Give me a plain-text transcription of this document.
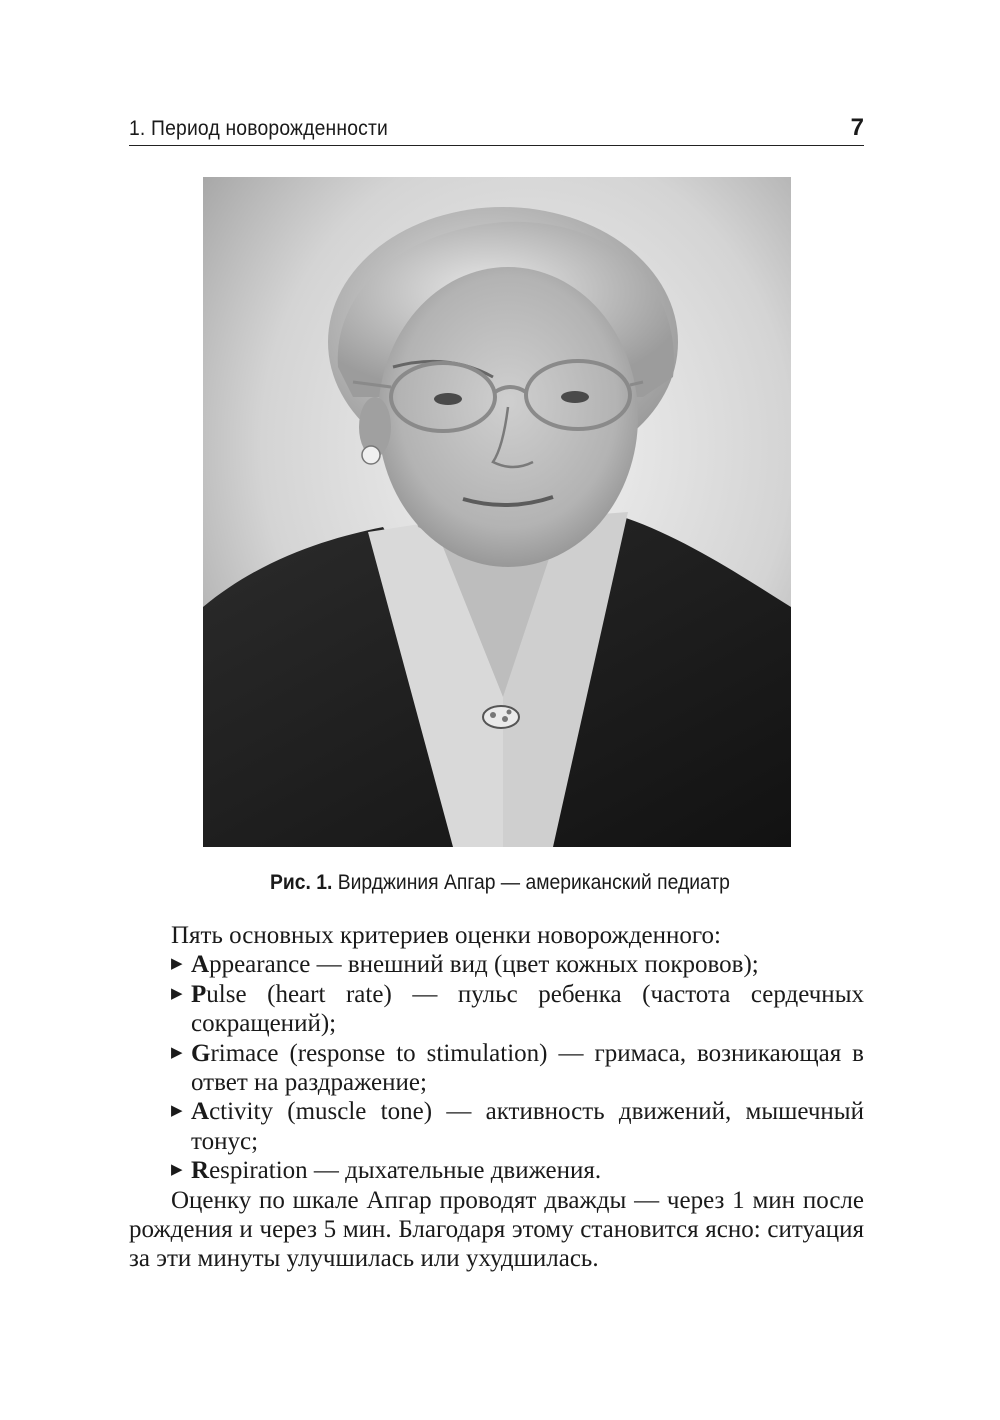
1. Период новорожденности	7
Рис. 1. Вирджиния Апгар — американский педиатр

Пять основных критериев оценки новорожденного:

▶ Appearance — внешний вид (цвет кожных покровов);
▶ Pulse (heart rate) — пульс ребенка (частота сердечных сокращений);
▶ Grimace (response to stimulation) — гримаса, возникающая в ответ на раздражение;
▶ Activity (muscle tone) — активность движений, мышечный тонус;
▶ Respiration — дыхательные движения.

Оценку по шкале Апгар проводят дважды — через 1 мин после рождения и через 5 мин. Благодаря этому становится ясно: ситуация за эти минуты улучшилась или ухудшилась.
